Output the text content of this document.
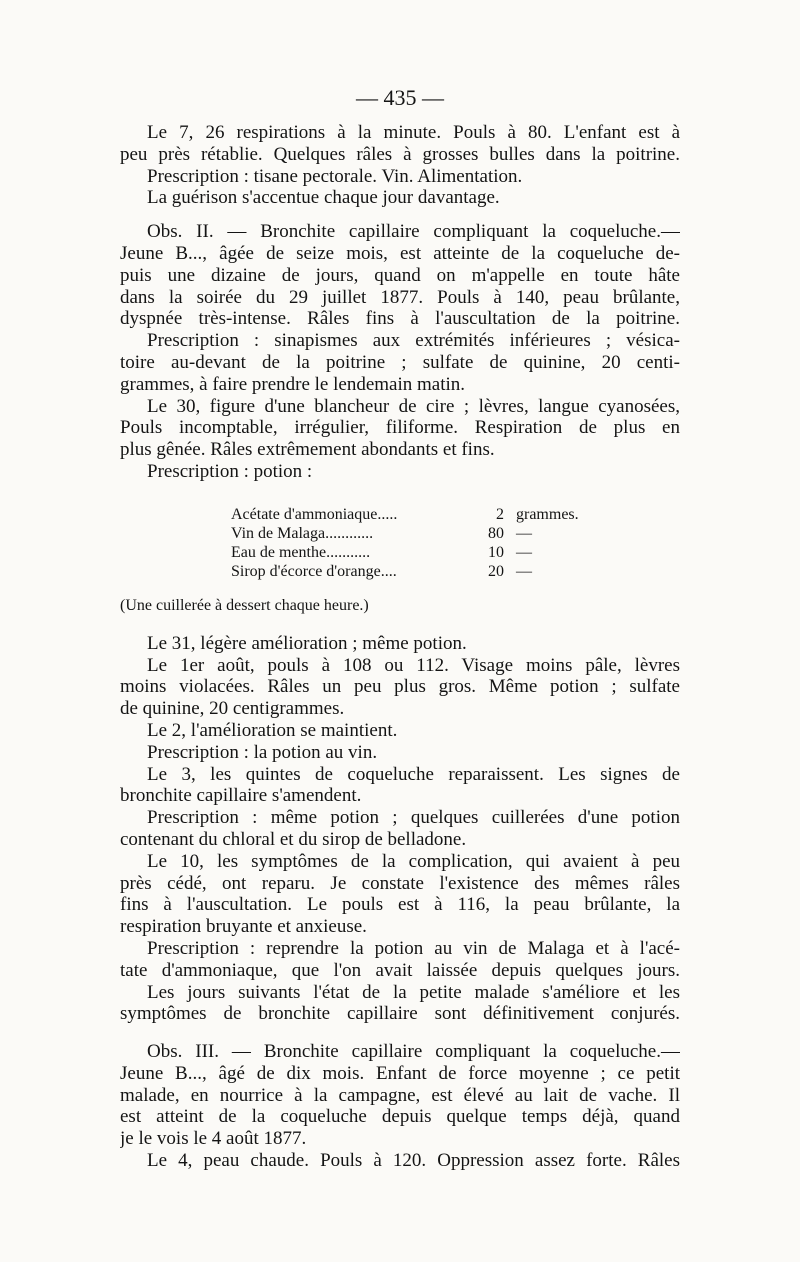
— 435 —
Le 7, 26 respirations à la minute. Pouls à 80. L'enfant est à
peu près rétablie. Quelques râles à grosses bulles dans la poitrine.
Prescription : tisane pectorale. Vin. Alimentation.
La guérison s'accentue chaque jour davantage.
Obs. II. — Bronchite capillaire compliquant la coqueluche.—
Jeune B..., âgée de seize mois, est atteinte de la coqueluche de-
puis une dizaine de jours, quand on m'appelle en toute hâte
dans la soirée du 29 juillet 1877. Pouls à 140, peau brûlante,
dyspnée très-intense. Râles fins à l'auscultation de la poitrine.
Prescription : sinapismes aux extrémités inférieures ; vésica-
toire au-devant de la poitrine ; sulfate de quinine, 20 centi-
grammes, à faire prendre le lendemain matin.
Le 30, figure d'une blancheur de cire ; lèvres, langue cyanosées,
Pouls incomptable, irrégulier, filiforme. Respiration de plus en
plus gênée. Râles extrêmement abondants et fins.
Prescription : potion :
Acétate d'ammoniaque.....	2 grammes.
Vin de Malaga............	80 —
Eau de menthe...........	10 —
Sirop d'écorce d'orange....	20 —
(Une cuillerée à dessert chaque heure.)
Le 31, légère amélioration ; même potion.
Le 1er août, pouls à 108 ou 112. Visage moins pâle, lèvres
moins violacées. Râles un peu plus gros. Même potion ; sulfate
de quinine, 20 centigrammes.
Le 2, l'amélioration se maintient.
Prescription : la potion au vin.
Le 3, les quintes de coqueluche reparaissent. Les signes de
bronchite capillaire s'amendent.
Prescription : même potion ; quelques cuillerées d'une potion
contenant du chloral et du sirop de belladone.
Le 10, les symptômes de la complication, qui avaient à peu
près cédé, ont reparu. Je constate l'existence des mêmes râles
fins à l'auscultation. Le pouls est à 116, la peau brûlante, la
respiration bruyante et anxieuse.
Prescription : reprendre la potion au vin de Malaga et à l'acé-
tate d'ammoniaque, que l'on avait laissée depuis quelques jours.
Les jours suivants l'état de la petite malade s'améliore et les
symptômes de bronchite capillaire sont définitivement conjurés.
Obs. III. — Bronchite capillaire compliquant la coqueluche.—
Jeune B..., âgé de dix mois. Enfant de force moyenne ; ce petit
malade, en nourrice à la campagne, est élevé au lait de vache. Il
est atteint de la coqueluche depuis quelque temps déjà, quand
je le vois le 4 août 1877.
Le 4, peau chaude. Pouls à 120. Oppression assez forte. Râles
